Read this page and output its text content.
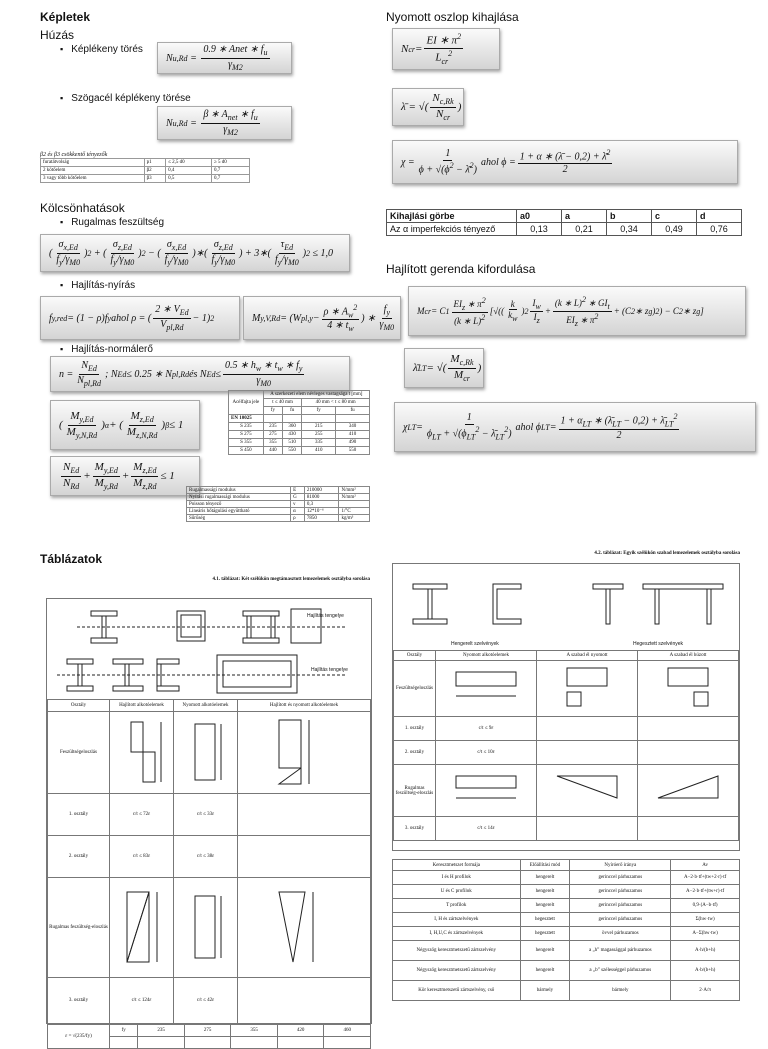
Képletek
Húzás
▪ Képlékeny törés
N u,Rd =
0.9 ∗ Anet ∗ $f_u$
$\gamma_{M2}$
▪ Szögacél képlékeny törése
N u,Rd =
β ∗ $A_{net}$ ∗ $f_u$
$\gamma_{M2}$
β2 és β3 csökkentő tényezők
furatátvolság	p1	≤ 2,5 d0	≥ 5 d0
2 kötőelem	β2	0,4	0,7
3 vagy több kötőelem	β3	0,5	0,7
Kölcsönhatások
▪ Rugalmas feszültség
(
$\sigma_{x,Ed}$
$f_y/\gamma_{M0}$
) 2 + (
$\sigma_{z,Ed}$
$f_y/\gamma_{M0}$
) 2 − (
$\sigma_{x,Ed}$
$f_y/\gamma_{M0}$
)∗(
$\sigma_{z,Ed}$
$f_y/\gamma_{M0}$
) + 3∗(
$\tau_{Ed}$
$f_y/\gamma_{M0}$
) 2 ≤ 1,0
▪ Hajlítás-nyírás
f y,red = (1 − ρ)f y ahol ρ = (
2 ∗ $V_{Ed}$
$V_{pl,Rd}$
− 1) 2	M y,V,Rd = (W pl,y −
ρ ∗ $A_w^2$
4 ∗ $t_w$
) ∗
$f_y$
$\gamma_{M0}$
▪ Hajlítás-normálerő
n =
$N_{Ed}$
$N_{pl,Rd}$
; N Ed ≤ 0.25 ∗ N pl,Rd és N Ed ≤
0.5 ∗ $h_w$ ∗ $t_w$ ∗ $f_y$
$\gamma_{M0}$
(
$M_{y,Ed}$
$M_{y,N,Rd}$
) α + (
$M_{z,Ed}$
$M_{z,N,Rd}$
) β ≤ 1
$N_{Ed}$
$N_{Rd}$
+
$M_{y,Ed}$
$M_{y,Rd}$
+
$M_{z,Ed}$
$M_{z,Rd}$
≤ 1
Acélfajta jele	A szerkezeti elem névleges vastagsága t [mm]			
	t ≤ 40 mm		40 mm < t ≤ 80 mm	
	fy	fu	fy	fu
EN 10025				
S 235	235	360	215	340
S 275	275	430	255	410
S 355	355	510	335	490
S 450	440	550	410	550
Rugalmassági modulus	E	210000	N/mm²
Nyírási rugalmassági modulus	G	81000	N/mm²
Poisson tényező	ν	0,3	
Lineáris hőtágulási együttható	α	12*10⁻⁶	1/°C
Sűrűség	ρ	7850	kg/m³
Nyomott oszlop kihajlása
N cr =
EI ∗ $\pi^2$
$L_{cr}^2$
λ̄ = √(
$N_{c,Rk}$
$N_{cr}$
)
χ =
1
$\phi + √(\phi^2$ − λ̄$^2$)
ahol ϕ = 1 + α ∗ (λ̄ − 0,2) + λ̄$^2$
2
Kihajlási görbe	a0	a	b	c	d
Az α imperfekciós tényező	0,13	0,21	0,34	0,49	0,76
Hajlított gerenda kifordulása
M cr = C 1
$EI_z$ ∗ $\pi^2$
(k ∗ L)$^2$
[√((
k
$k_w$
) 2
$I_w$
$I_z$
+
(k ∗ L)$^2$ ∗ $GI_t$
$EI_z$ ∗ $\pi^2 + (C$ 2 ∗ z g ) 2 ) − C 2 ∗ z g ]
λ̄ LT = √(
$M_{c,Rk}$
$M_{cr}$
)
χ LT =
1
$\phi_{LT} + √(\phi_{LT}^2$ − $\lambdā_{LT}^2$)
ahol ϕ LT =
$1 + \alpha_{LT}$ ∗ $(\lambdā_{LT} - 0,2)$ + $\lambdā_{LT}^2$
2
Táblázatok
4.1. táblázat: Két szélükön megtámasztott lemezelemek osztályba sorolása
Hajlítás tengelye
Hajlítás tengelye
Osztály	Hajlított alkotóelemek	Nyomott alkotóelemek	Hajlított és nyomott alkotóelemek
Feszültségeloszlás			
1. osztály	c/t ≤ 72ε	c/t ≤ 33ε	
2. osztály	c/t ≤ 83ε	c/t ≤ 38ε	
Rugalmas feszültség-eloszlás			
3. osztály	c/t ≤ 124ε	c/t ≤ 42ε	
ε = √(235/fy)	fy	235	275	355	420	460

4.2. táblázat: Egyik szélükön szabad lemezelemek osztályba sorolása
Hengerelt szelvények	Hegesztett szelvények
Osztály	Nyomott alkotóelemek	A szabad él nyomott	A szabad él húzott
Feszültségeloszlás			
1. osztály	c/t ≤ 9ε		
2. osztály	c/t ≤ 10ε		
Rugalmas feszültség-eloszlás			
3. osztály	c/t ≤ 14ε		
Keresztmetszet formája	Előállítási mód	Nyíróerő iránya	Av
I és H profilok	hengerelt	gerinccel párhuzamos	A−2·b·tf+(tw+2·r)·tf
U és C profilok	hengerelt	gerinccel párhuzamos	A−2·b·tf+(tw+r)·tf
T profilok	hengerelt	gerinccel párhuzamos	0,9·(A−b·tf)
I, H és zártszelvények	hegesztett	gerinccel párhuzamos	Σ(hw·tw)
I, H,U,C és zártszelvények	hegesztett	övvel párhuzamos	A−Σ(hw·tw)
Négyszög keresztmetszetű zártszelvény	hengerelt	a „h” magassággal párhuzamos	A·h/(b+h)
Négyszög keresztmetszetű zártszelvény	hengerelt	a „b” szélességgel párhuzamos	A·b/(b+h)
Kör keresztmetszetű zártszelvény, cső	bármely	bármely	2·A/π
